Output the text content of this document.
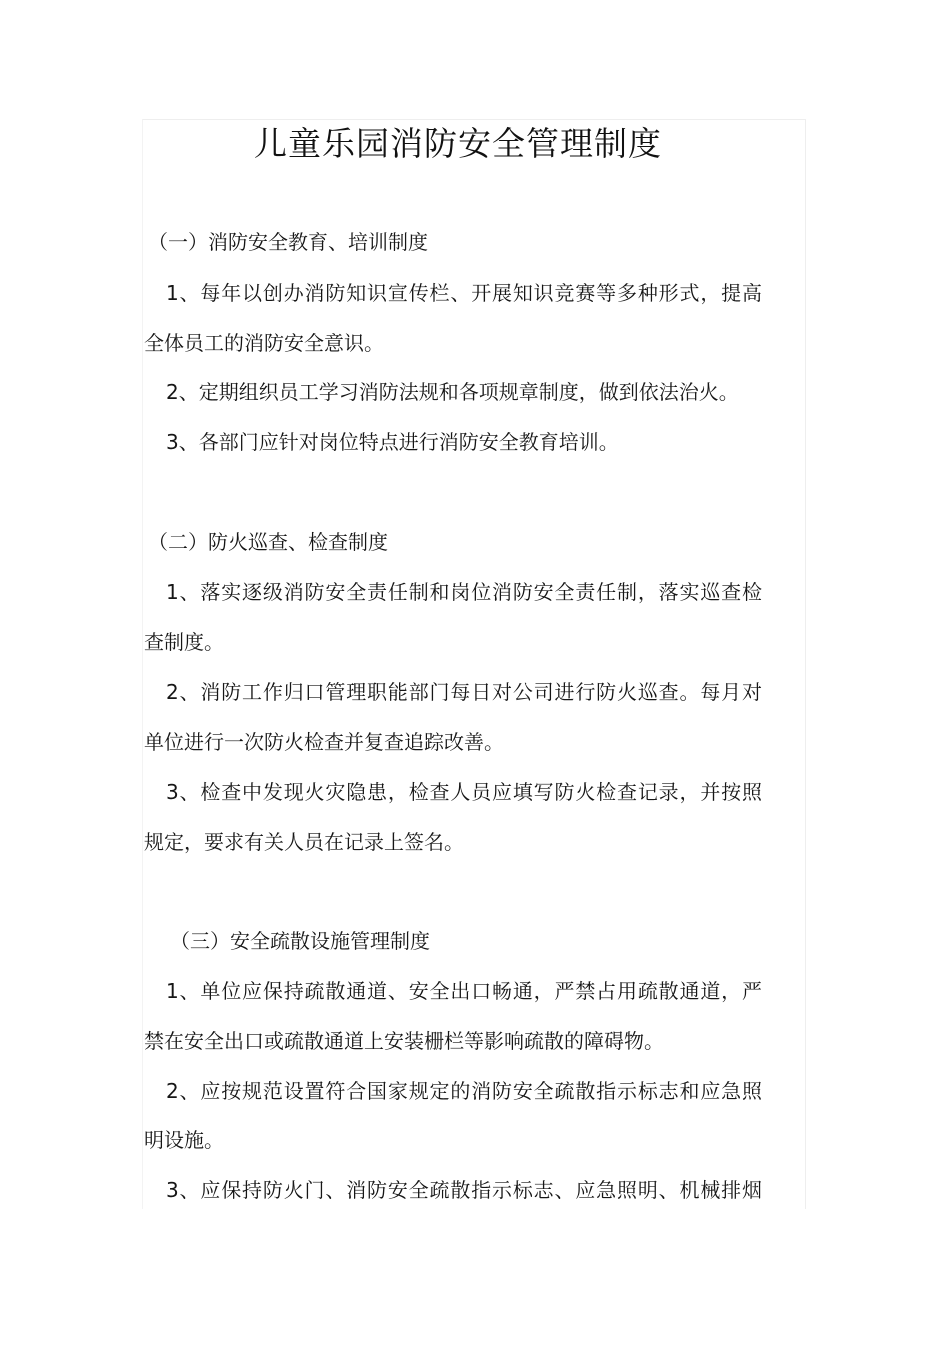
儿童乐园消防安全管理制度
（一）消防安全教育、培训制度
1、每年以创办消防知识宣传栏、开展知识竞赛等多种形式，提高
全体员工的消防安全意识。
2、定期组织员工学习消防法规和各项规章制度，做到依法治火。
3、各部门应针对岗位特点进行消防安全教育培训。
（二）防火巡查、检查制度
1、落实逐级消防安全责任制和岗位消防安全责任制，落实巡查检
查制度。
2、消防工作归口管理职能部门每日对公司进行防火巡查。每月对
单位进行一次防火检查并复查追踪改善。
3、检查中发现火灾隐患，检查人员应填写防火检查记录，并按照
规定，要求有关人员在记录上签名。
（三）安全疏散设施管理制度
1、单位应保持疏散通道、安全出口畅通，严禁占用疏散通道，严
禁在安全出口或疏散通道上安装栅栏等影响疏散的障碍物。
2、应按规范设置符合国家规定的消防安全疏散指示标志和应急照
明设施。
3、应保持防火门、消防安全疏散指示标志、应急照明、机械排烟
